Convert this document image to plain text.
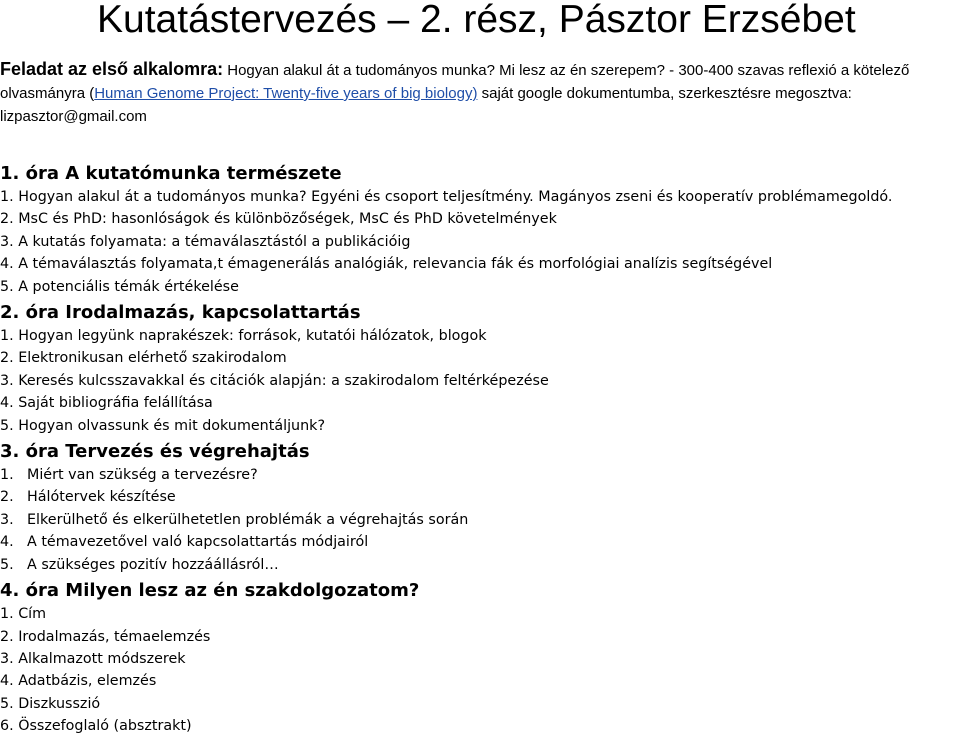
Kutatástervezés – 2. rész, Pásztor Erzsébet
Feladat az első alkalomra: Hogyan alakul át a tudományos munka? Mi lesz az én szerepem? - 300-400 szavas reflexió a kötelező olvasmányra (Human Genome Project: Twenty-five years of big biology) saját google dokumentumba, szerkesztésre megosztva: lizpasztor@gmail.com
1. óra A kutatómunka természete
1. Hogyan alakul át a tudományos munka? Egyéni és csoport teljesítmény. Magányos zseni és kooperatív problémamegoldó.
2. MsC és PhD: hasonlóságok és különbözőségek, MsC és PhD követelmények
3. A kutatás folyamata: a témaválasztástól a publikációig
4. A témaválasztás folyamata,t émagenerálás analógiák, relevancia fák és morfológiai analízis segítségével
5. A potenciális témák értékelése
2. óra Irodalmazás, kapcsolattartás
1. Hogyan legyünk naprakészek: források, kutatói hálózatok, blogok
2. Elektronikusan elérhető szakirodalom
3. Keresés kulcsszavakkal és citációk alapján: a szakirodalom feltérképezése
4. Saját bibliográfia felállítása
5. Hogyan olvassunk és mit dokumentáljunk?
3. óra Tervezés és végrehajtás
1. Miért van szükség a tervezésre?
2. Hálótervek készítése
3. Elkerülhető és elkerülhetetlen problémák a végrehajtás során
4. A témavezetővel való kapcsolattartás módjairól
5. A szükséges pozitív hozzáállásról…
4. óra Milyen lesz az én szakdolgozatom?
1. Cím
2. Irodalmazás, témaelemzés
3. Alkalmazott módszerek
4. Adatbázis, elemzés
5. Diszkusszió
6. Összefoglaló (absztrakt)
